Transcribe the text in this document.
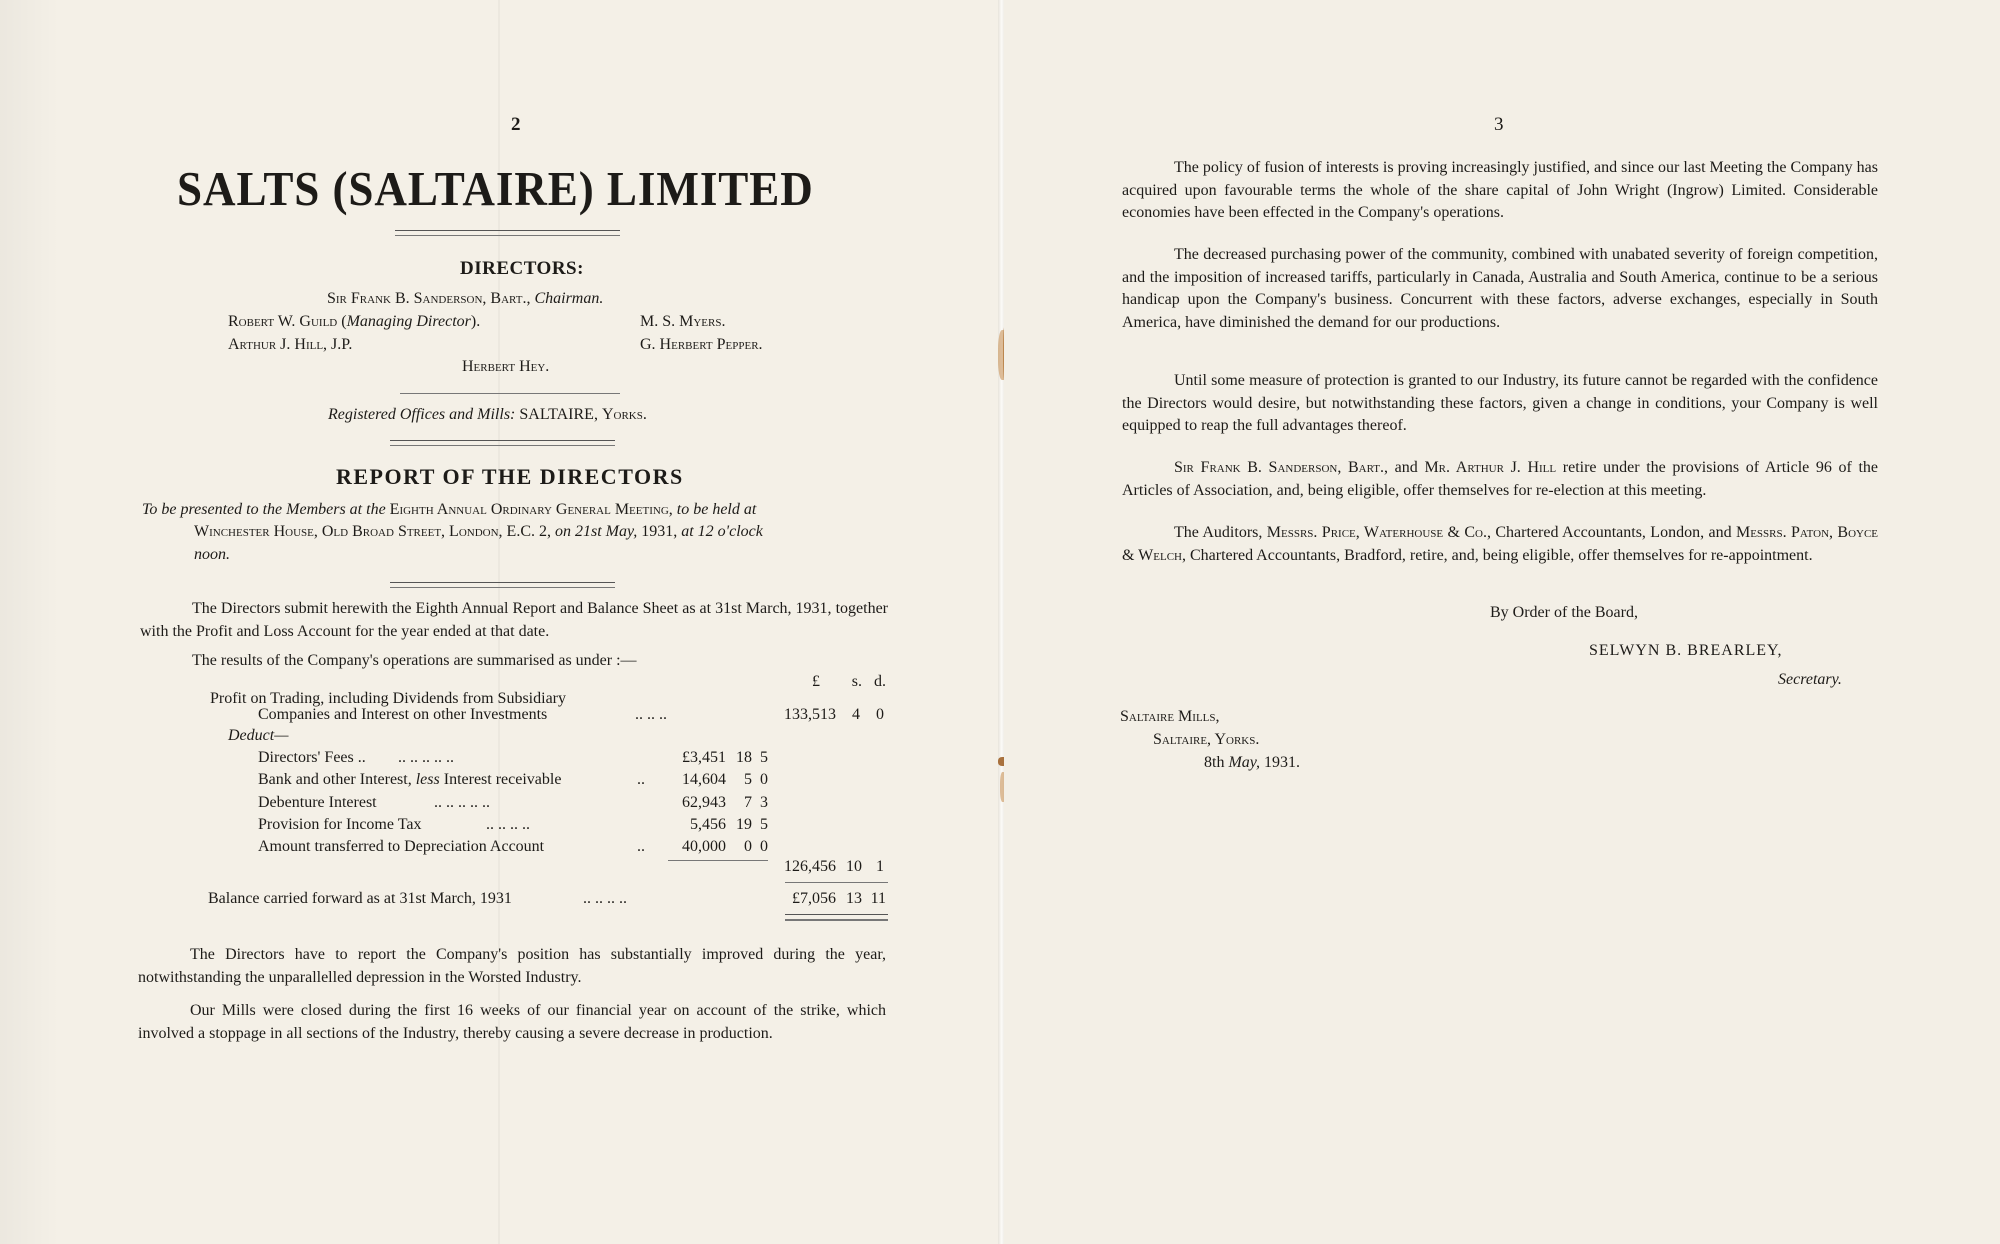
2
SALTS (SALTAIRE) LIMITED
DIRECTORS:
Sir Frank B. Sanderson, Bart., Chairman.
Robert W. Guild (Managing Director).	M. S. Myers.
Arthur J. Hill, J.P.	G. Herbert Pepper.
Herbert Hey.
Registered Offices and Mills: SALTAIRE, Yorks.
REPORT OF THE DIRECTORS
To be presented to the Members at the Eighth Annual Ordinary General Meeting, to be held at
Winchester House, Old Broad Street, London, E.C. 2, on 21st May, 1931, at 12 o'clock
noon.
The Directors submit herewith the Eighth Annual Report and Balance Sheet as at 31st March, 1931, together with the Profit and Loss Account for the year ended at that date.
The results of the Company's operations are summarised as under :—
£	s. d.
Profit on Trading, including Dividends from Subsidiary
Companies and Interest on other Investments	.. .. ..	133,513	4	0
Deduct—
Directors' Fees .. .. .. .. .. ..	£3,451 18 5
Bank and other Interest, less Interest receivable	..	14,604	5 0
Debenture Interest	.. .. .. .. ..	62,943	7 3
Provision for Income Tax	.. .. .. ..	5,456 19 5
Amount transferred to Depreciation Account	..	40,000	0 0
126,456 10 1
Balance carried forward as at 31st March, 1931	.. .. .. ..	£7,056 13 11
The Directors have to report the Company's position has substantially improved during the year, notwithstanding the unparallelled depression in the Worsted Industry.
Our Mills were closed during the first 16 weeks of our financial year on account of the strike, which involved a stoppage in all sections of the Industry, thereby causing a severe decrease in production.
3
The policy of fusion of interests is proving increasingly justified, and since our last Meeting the Company has acquired upon favourable terms the whole of the share capital of John Wright (Ingrow) Limited. Considerable economies have been effected in the Company's operations.
The decreased purchasing power of the community, combined with unabated severity of foreign competition, and the imposition of increased tariffs, particularly in Canada, Australia and South America, continue to be a serious handicap upon the Company's business. Concurrent with these factors, adverse exchanges, especially in South America, have diminished the demand for our productions.
Until some measure of protection is granted to our Industry, its future cannot be regarded with the confidence the Directors would desire, but notwithstanding these factors, given a change in conditions, your Company is well equipped to reap the full advantages thereof.
Sir Frank B. Sanderson, Bart., and Mr. Arthur J. Hill retire under the provisions of Article 96 of the Articles of Association, and, being eligible, offer themselves for re-election at this meeting.
The Auditors, Messrs. Price, Waterhouse & Co., Chartered Accountants, London, and Messrs. Paton, Boyce & Welch, Chartered Accountants, Bradford, retire, and, being eligible, offer themselves for re-appointment.
By Order of the Board,
SELWYN B. BREARLEY,
Secretary.
Saltaire Mills,
Saltaire, Yorks.
8th May, 1931.
